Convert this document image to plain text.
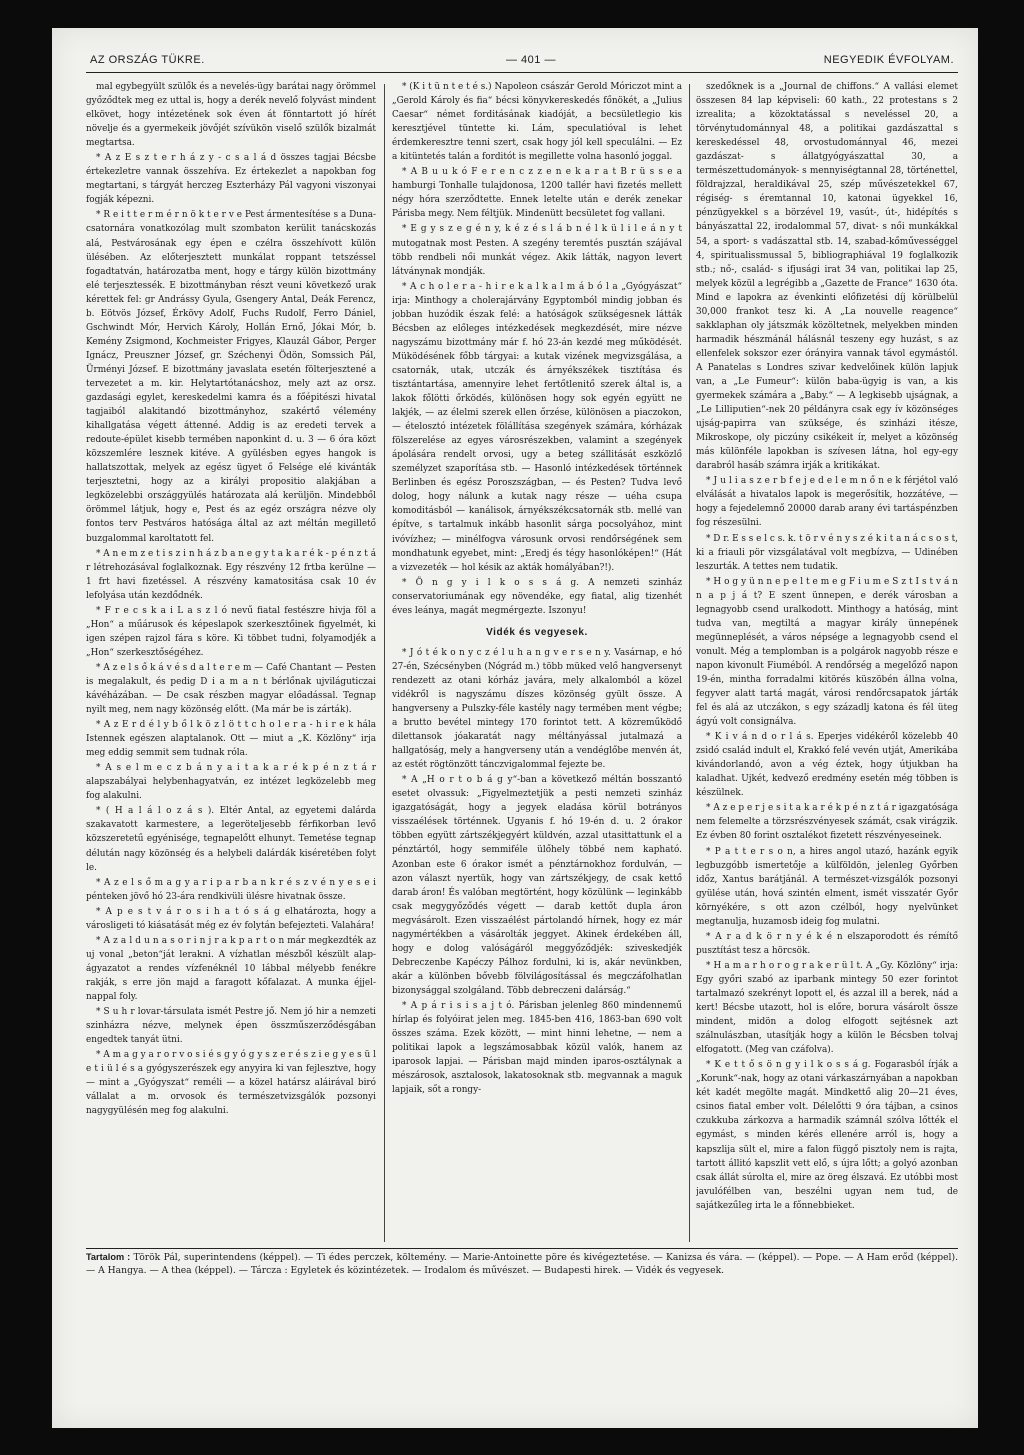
AZ ORSZÁG TÜKRE.	— 401 —	NEGYEDIK ÉVFOLYAM.

mal egybegyült szülők és a nevelés-ügy barátai nagy örömmel győződtek meg ez uttal is, hogy a derék nevelő folyvást mindent elkövet, hogy intézetének sok éven át fönntartott jó hírét növelje és a gyermekeik jövőjét szívükön viselő szülők bizalmát megtartsa.

* A z E s z t e r h á z y - c s a l á d összes tagjai Bécsbe értekezletre vannak összehíva. Ez értekezlet a napokban fog megtartani, s tárgyát herczeg Eszterházy Pál vagyoni viszonyai fogják képezni.

* R e i t t e r m é r n ö k t e r v e Pest ármentesítése s a Duna-csatornára vonatkozólag mult szombaton kerülit tanácskozás alá, Pestvárosának egy épen e czélra összehívott külön ülésében. Az előterjesztett munkálat roppant tetszéssel fogadtatván, határozatba ment, hogy e tárgy külön bizottmány elé terjesztessék. E bizottmányban részt veuni következő urak kérettek fel: gr Andrássy Gyula, Gsengery Antal, Deák Ferencz, b. Eötvös József, Érkövy Adolf, Fuchs Rudolf, Ferro Dániel, Gschwindt Mór, Hervich Károly, Hollán Ernő, Jókai Mór, b. Kemény Zsigmond, Kochmeister Frigyes, Klauzál Gábor, Perger Ignácz, Preuszner József, gr. Széchenyi Ödön, Somssich Pál, Ürményi József. E bizottmány javaslata esetén fölterjesztené a tervezetet a m. kir. Helytartótanácshoz, mely azt az orsz. gazdasági egylet, kereskedelmi kamra és a főépitészi hivatal tagjaiból alakitandó bizottmányhoz, szakértő vélemény kihallgatása végett áttenné. Addig is az eredeti tervek a redoute-épület kisebb termében naponkint d. u. 3 — 6 óra közt közszemlére lesznek kitéve. A gyülésben egyes hangok is hallatszottak, melyek az egész ügyet ő Felsége elé kivánták terjesztetni, hogy az a királyi propositio alakjában a legközelebbi országgyülés határozata alá kerüljön. Mindebből örömmel látjuk, hogy e, Pest és az egéz országra nézve oly fontos terv Pestváros hatósága által az azt méltán megillető buzgalommal karoltatott fel.

* A n e m z e t i s z i n h á z b a n e g y t a k a r é k - p é n z t á r létrehozásával foglalkoznak. Egy részvény 12 frtba kerülne — 1 frt havi fizetéssel. A részvény kamatositása csak 10 év lefolyása után kezdődnék.

* F r e c s k a i L a s z l ó nevű fiatal festészre hivja föl a „Hon“ a műárusok és képeslapok szerkesztőinek figyelmét, ki igen szépen rajzol fára s köre. Ki többet tudni, folyamodjék a „Hon“ szerkesztőségéhez.

* A z e l s ő k á v é s d a l t e r e m — Café Chantant — Pesten is megalakult, és pedig D i a m a n t bérlőnak ujviláguticzai kávéházában. — De csak részben magyar előadással. Tegnap nyilt meg, nem nagy közönség előtt. (Ma már be is zárták).

* A z E r d é l y b ő l k ö z l ö t t c h o l e r a - h i r e k hála Istennek egészen alaptalanok. Ott — miut a „K. Közlöny“ irja meg eddig semmit sem tudnak róla.

* A s e l m e c z b á n y a i t a k a r é k p é n z t á r alapszabályai helybenhagyatván, ez intézet legközelebb meg fog alakulni.

* ( H a l á l o z á s ). Eltér Antal, az egyetemi dalárda szakavatott karmestere, a legeröteljesebb férfikorban levő közszeretetű egyénisége, tegnapelőtt elhunyt. Temetése tegnap délután nagy közönség és a helybeli dalárdák kiséretében folyt le.

* A z e l s ő m a g y a r i p a r b a n k r é s z v é n y e s e i pénteken jövő hó 23-ára rendkivüli ülésre hivatnak össze.

* A p e s t v á r o s i h a t ó s á g elhatározta, hogy a városligeti tó kiásatását még ez év folytán befejezteti. Valahára!

* A z a l d u n a s o r i n j r a k p a r t o n már megkezdték az uj vonal „beton“ját lerakni. A vízhatlan mészből készült alap-ágyazatot a rendes vízfenéknél 10 lábbal mélyebb fenékre rakják, s erre jön majd a faragott kőfalazat. A munka éjjel-nappal foly.

* S u h r lovar-társulata ismét Pestre jő. Nem jó hir a nemzeti szinházra nézve, melynek épen összműszerződésgában engedtek tanyát ütni.

* A m a g y a r o r v o s i é s g y ó g y s z e r é s z i e g y e s ü l e t i ü l é s a gyógyszerészek egy anyyira ki van fejlesztve, hogy — mint a „Gyógyszat“ reméli — a közel határsz aláirával biró vállalat a m. orvosok és természetvizsgálók pozsonyi nagygyülésén meg fog alakulni.

* (K i t ü n t e t é s.) Napoleon császár Gerold Móriczot mint a „Gerold Károly és fia“ bécsi könyvkereskedés főnökét, a „Julius Caesar“ német forditásának kiadóját, a becsületlegio kis keresztjével tüntette ki. Lám, speculatióval is lehet érdemkeresztre tenni szert, csak hogy jól kell speculálni. — Ez a kitüntetés talán a forditót is megillette volna hasonló joggal.

* A B u u k ó F e r e n c z z e n e k a r a t B r ü s s e a hamburgi Tonhalle tulajdonosa, 1200 tallér havi fizetés mellett négy hóra szerződtette. Ennek letelte után e derék zenekar Párisba megy. Nem féltjük. Mindenütt becsületet fog vallani.

* E g y s z e g é n y, k é z é s l á b n é l k ü l i l e á n y t mutogatnak most Pesten. A szegény teremtés pusztán szájával több rendbeli női munkát végez. Akik látták, nagyon levert látványnak mondják.

* A c h o l e r a - h i r e k a l k a l m á b ó l a „Gyógyászat“ irja: Minthogy a cholerajárvány Egyptomból mindig jobban és jobban huzódik észak felé: a hatóságok szükségesnek látták Bécsben az előleges intézkedések megkezdését, mire nézve nagyszámu bizottmány már f. hó 23-án kezdé meg működését. Müködésének főbb tárgyai: a kutak vizének megvizsgálása, a csatornák, utak, utczák és árnyékszékek tisztítása és tisztántartása, amennyire lehet fertőtlenitő szerek által is, a lakok főlötti őrködés, különösen hogy sok egyén együtt ne lakjék, — az élelmi szerek ellen őrzése, különösen a piaczokon, — ételosztó intézetek fölállítása szegények számára, kórházak fölszerelése az egyes városrészekben, valamint a szegények ápolására rendelt orvosi, ugy a beteg szállitását eszközlő személyzet szaporítása stb. — Hasonló intézkedések történnek Berlinben és egész Poroszszágban, — és Pesten? Tudva levő dolog, hogy nálunk a kutak nagy része — uéha csupa komoditásból — kanálisok, árnyékszékcsatornák stb. mellé van építve, s tartalmuk inkább hasonlit sárga pocsolyához, mint ivóvízhez; — minélfogva városunk orvosi rendőrségének sem mondhatunk egyebet, mint: „Eredj és tégy hasonlóképen!“ (Hát a vizvezeték — hol késik az akták homályában?!).

* Ö n g y i l k o s s á g. A nemzeti szinház conservatoriumának egy növendéke, egy fiatal, alig tizenhét éves leánya, magát megmérgezte. Iszonyu!

Vidék és vegyesek.

* J ó t é k o n y c z é l u h a n g v e r s e n y. Vasárnap, e hó 27-én, Szécsényben (Nógrád m.) több müked velő hangversenyt rendezett az otani kórház javára, mely alkalomból a közel vidékről is nagyszámu díszes közönség gyült össze. A hangverseny a Pulszky-féle kastély nagy termében ment végbe; a brutto bevétel mintegy 170 forintot tett. A közreműködő dilettansok jóakaratát nagy méltányással jutalmazá a hallgatóság, mely a hangverseny után a vendéglőbe menvén át, az estét rögtönzött tánczvigalommal fejezte be.

* A „H o r t o b á g y“-ban a következő méltán bosszantó esetet olvassuk: „Figyelmeztetjük a pesti nemzeti szinház igazgatóságát, hogy a jegyek eladása körül botrányos visszaélések történnek. Ugyanis f. hó 19-én d. u. 2 órakor többen együtt zártszékjegyért küldvén, azzal utasittattunk el a pénztártól, hogy semmiféle ülőhely többé nem kapható. Azonban este 6 órakor ismét a pénztárnokhoz fordulván, — azon választ nyertük, hogy van zártszékjegy, de csak kettő darab áron! És valóban megtörtént, hogy közülünk — leginkább csak megygyőződés végett — darab kettőt dupla áron megvásárolt. Ezen visszaélést pártolandó hírnek, hogy ez már nagymértékben a vásárolták jeggyet. Akinek érdekében áll, hogy e dolog valóságáról meggyőződjék: sziveskedjék Debreczenbe Kapéczy Pálhoz fordulni, ki is, akár nevünkben, akár a különben bővebb fölvilágosítással és megczáfolhatlan bizonysággal szolgáland. Több debreczeni dalárság.“

* A p á r i s i s a j t ó. Párisban jelenleg 860 mindennemű hírlap és folyóirat jelen meg. 1845-ben 416, 1863-ban 690 volt összes száma. Ezek között, — mint hinni lehetne, — nem a politikai lapok a legszámosabbak közül valók, hanem az iparosok lapjai. — Párisban majd minden iparos-osztálynak a mészárosok, asztalosok, lakatosoknak stb. megvannak a maguk lapjaik, sőt a rongy-

szedőknek is a „Journal de chiffons.“ A vallási elemet összesen 84 lap képviseli: 60 kath., 22 protestans s 2 izrealita; a közoktatással s neveléssel 20, a törvénytudománnyal 48, a politikai gazdászattal s kereskedéssel 48, orvostudománnyal 46, mezei gazdászat- s állatgyógyászattal 30, a természettudományok- s mennyiségtannal 28, történettel, földrajzzal, heraldikával 25, szép művészetekkel 67, régiség- s éremtannal 10, katonai ügyekkel 16, pénzügyekkel s a börzével 19, vasút-, út-, hidépítés s bányászattal 22, irodalommal 57, divat- s női munkákkal 54, a sport- s vadászattal stb. 14, szabad-kőművességgel 4, spiritualissmussal 5, bibliographiával 19 foglalkozik stb.; nő-, család- s ifjusági irat 34 van, politikai lap 25, melyek közül a legrégibb a „Gazette de France“ 1630 óta. Mind e lapokra az évenkinti előfizetési díj körülbelül 30,000 frankot tesz ki. A „La nouvelle reagence“ sakklaphan oly játszmák közöltetnek, melyekben minden harmadik hészmánál hálásnál teszeny egy huzást, s az ellenfelek sokszor ezer órányira vannak távol egymástól. A Panatelas s Londres szivar kedvelőinek külön lapjuk van, a „Le Fumeur“: külön baba-ügyig is van, a kis gyermekek számára a „Baby.“ — A legkisebb ujságnak, a „Le Lilliputien“-nek 20 példányra csak egy ív közönséges ujság-papirra van szüksége, és szinházi itésze, Mikroskope, oly piczúny csikékeit ír, melyet a közönség más különféle lapokban is szívesen látna, hol egy-egy darabról hasáb számra irják a kritikákat.

* J u l i a s z e r b f e j e d e l e m n ő n e k férjétol való elválását a hivatalos lapok is megerősítik, hozzátéve, — hogy a fejedelemnő 20000 darab arany évi tartáspénzben fog részesülni.

* D r. E s s e l c s. k. t ö r v é n y s z é k i t a n á c s o s t, ki a friauli pör vizsgálatával volt megbízva, — Udinében leszurták. A tettes nem tudatik.

* H o g y ü n n e p e l t e m e g F i u m e S z t I s t v á n n a p j á t? E szent ünnepen, e derék városban a legnagyobb csend uralkodott. Minthogy a hatóság, mint tudva van, megtiltá a magyar király ünnepének megünneplését, a város népsége a legnagyobb csend el vonult. Még a templomban is a polgárok nagyobb része e napon kivonult Fiuméból. A rendőrség a megelőző napon 19-én, mintha forradalmi kitörés küszöbén állna volna, fegyver alatt tartá magát, városi rendőrcsapatok járták fel és alá az utczákon, s egy századlj katona és fél üteg ágyú volt consignálva.

* K i v á n d o r l á s. Eperjes vidékéről közelebb 40 zsidó család indult el, Krakkó felé vevén utját, Amerikába kivándorlandó, avon a vég éztek, hogy útjukban ha kaladhat. Ujkét, kedvező eredmény esetén még többen is készülnek.

* A z e p e r j e s i t a k a r é k p é n z t á r igazgatósága nem felemelte a törzsrészvényesek számát, csak virágzik. Ez évben 80 forint osztalékot fizetett részvényeseinek.

* P a t t e r s o n, a hires angol utazó, hazánk egyik legbuzgóbb ismertetője a külföldön, jelenleg Győrben időz, Xantus barátjánál. A természet-vizsgálók pozsonyi gyülése után, hová szintén elment, ismét visszatér Győr környékére, s ott azon czélból, hogy nyelvünket megtanulja, huzamosb ideig fog mulatni.

* A r a d k ö r n y é k é n elszaporodott és rémítő pusztítást tesz a hörcsök.

* H a m a r h o r o g r a k e r ü l t. A „Gy. Közlöny“ irja: Egy győri szabó az iparbank mintegy 50 ezer forintot tartalmazó szekrényt lopott el, és azzal ill a berek, nád a kert! Bécsbe utazott, hol is előre, borura vásárolt össze mindent, midön a dolog elfogott sejtésnek azt szálnulászban, utasítják hogy a külön le Bécsben tolvaj elfogatott. (Meg van czáfolva).

* K e t t ő s ö n g y i l k o s s á g. Fogarasból írják a „Korunk“-nak, hogy az otani várkaszárnyában a napokban két kadét megölte magát. Mindkettő alig 20—21 éves, csinos fiatal ember volt. Délelőtti 9 óra tájban, a csinos czukkuba zárkozva a harmadik számnál szólva lőtték el egymást, s minden kérés ellenére arról is, hogy a kapszlija sült el, mire a falon függő pisztoly nem is rajta, tartott állitó kapszlit vett elő, s újra lőtt; a golyó azonban csak állát súrolta el, mire az öreg élszavá. Ez utóbbi most javulófélben van, beszélni ugyan nem tud, de sajátkezűleg irta le a főnnebbieket.

Tartalom : Török Pál, superintendens (képpel). — Ti édes perczek, költemény. — Marie-Antoinette pöre és kivégeztetése. — Kanizsa és vára. — (képpel). — Pope. — A Ham erőd (képpel). — A Hangya. — A thea (képpel). — Tárcza : Egyletek és közintézetek. — Irodalom és művészet. — Budapesti hirek. — Vidék és vegyesek.
